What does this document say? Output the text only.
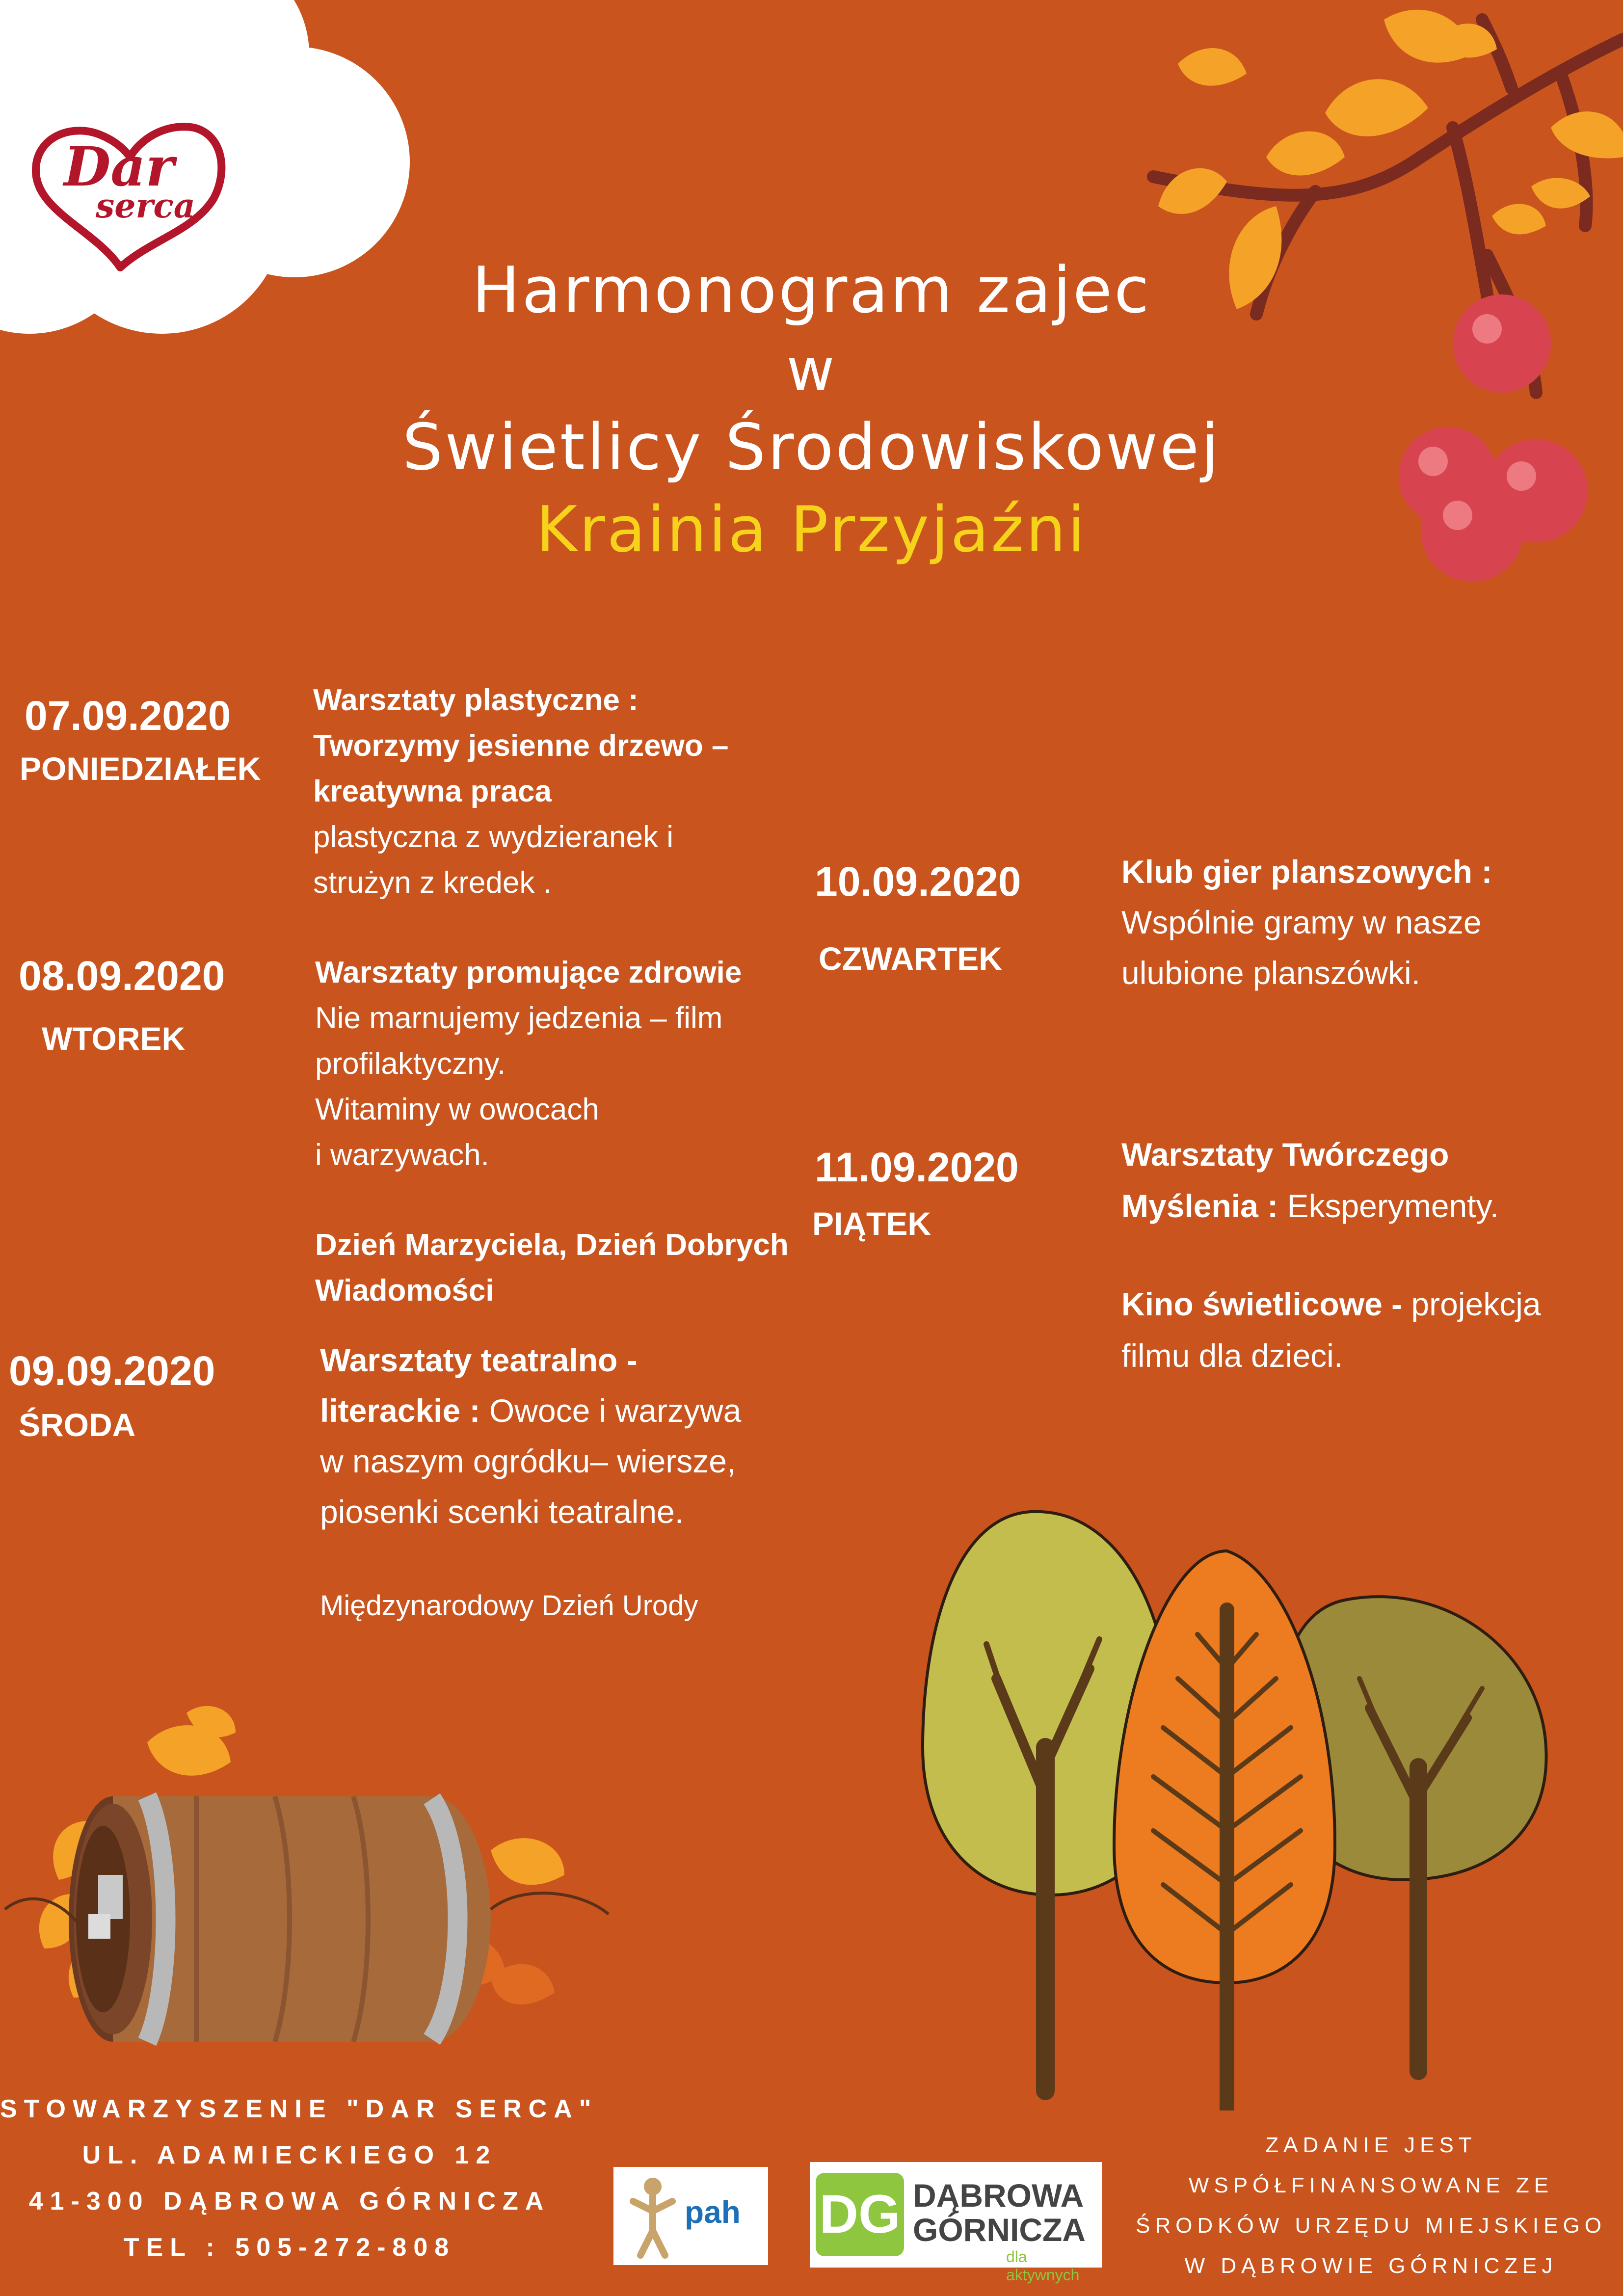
Dar
serca
Harmonogram zajec
w
Świetlicy Środowiskowej
Krainia Przyjaźni
07.09.2020
PONIEDZIAŁEK
Warsztaty plastyczne :
Tworzymy jesienne drzewo –
kreatywna praca
plastyczna z wydzieranek i
strużyn z kredek .
08.09.2020
WTOREK
Warsztaty promujące zdrowie
Nie marnujemy jedzenia – film
profilaktyczny.
Witaminy w owocach
i warzywach.
Dzień Marzyciela, Dzień Dobrych
Wiadomości
09.09.2020
ŚRODA
Warsztaty teatralno -
literackie : Owoce i warzywa
w naszym ogródku– wiersze,
piosenki scenki teatralne.
Międzynarodowy Dzień Urody
10.09.2020
CZWARTEK
Klub gier planszowych :
Wspólnie gramy w nasze
ulubione planszówki.
11.09.2020
PIĄTEK
Warsztaty Twórczego
Myślenia : Eksperymenty.
Kino świetlicowe - projekcja
filmu dla dzieci.
STOWARZYSZENIE "DAR SERCA"
UL. ADAMIECKIEGO 12
41-300 DĄBROWA GÓRNICZA
TEL : 505-272-808
pah DG DĄBROWA
GÓRNICZA
dla aktywnych
ZADANIE JEST
WSPÓŁFINANSOWANE ZE
ŚRODKÓW URZĘDU MIEJSKIEGO
W DĄBROWIE GÓRNICZEJ
